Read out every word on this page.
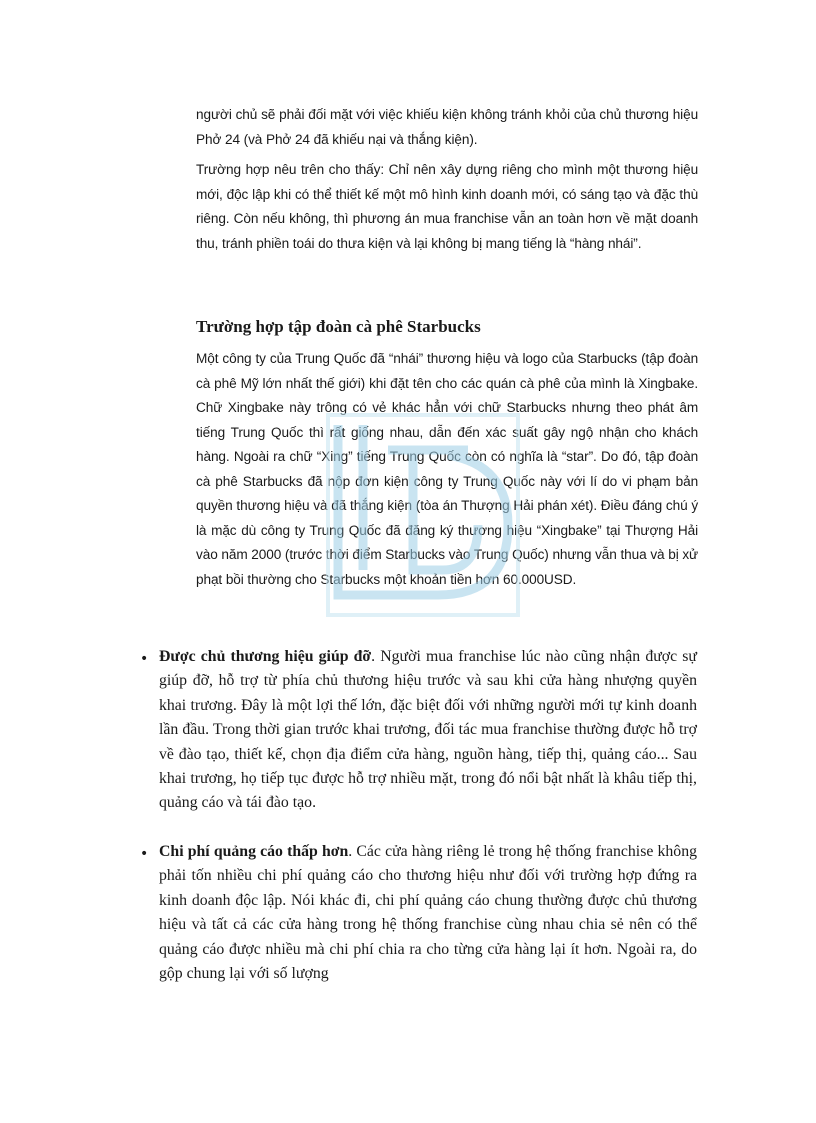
người chủ sẽ phải đối mặt với việc khiếu kiện không tránh khỏi của chủ thương hiệu Phở 24 (và Phở 24 đã khiếu nại và thắng kiện).

Trường hợp nêu trên cho thấy: Chỉ nên xây dựng riêng cho mình một thương hiệu mới, độc lập khi có thể thiết kế một mô hình kinh doanh mới, có sáng tạo và đặc thù riêng. Còn nếu không, thì phương án mua franchise vẫn an toàn hơn về mặt doanh thu, tránh phiền toái do thưa kiện và lại không bị mang tiếng là “hàng nhái”.

Trường hợp tập đoàn cà phê Starbucks

Một công ty của Trung Quốc đã “nhái” thương hiệu và logo của Starbucks (tập đoàn cà phê Mỹ lớn nhất thế giới) khi đặt tên cho các quán cà phê của mình là Xingbake. Chữ Xingbake này trông có vẻ khác hẳn với chữ Starbucks nhưng theo phát âm tiếng Trung Quốc thì rất giống nhau, dẫn đến xác suất gây ngộ nhận cho khách hàng. Ngoài ra chữ “Xing” tiếng Trung Quốc còn có nghĩa là “star”. Do đó, tập đoàn cà phê Starbucks đã nộp đơn kiện công ty Trung Quốc này với lí do vi phạm bản quyền thương hiệu và đã thắng kiện (tòa án Thượng Hải phán xét). Điều đáng chú ý là mặc dù công ty Trung Quốc đã đăng ký thương hiệu “Xingbake” tại Thượng Hải vào năm 2000 (trước thời điểm Starbucks vào Trung Quốc) nhưng vẫn thua và bị xử phạt bồi thường cho Starbucks một khoản tiền hơn 60.000USD.

• Được chủ thương hiệu giúp đỡ. Người mua franchise lúc nào cũng nhận được sự giúp đỡ, hỗ trợ từ phía chủ thương hiệu trước và sau khi cửa hàng nhượng quyền khai trương. Đây là một lợi thế lớn, đặc biệt đối với những người mới tự kinh doanh lần đầu. Trong thời gian trước khai trương, đối tác mua franchise thường được hỗ trợ về đào tạo, thiết kế, chọn địa điểm cửa hàng, nguồn hàng, tiếp thị, quảng cáo... Sau khai trương, họ tiếp tục được hỗ trợ nhiều mặt, trong đó nổi bật nhất là khâu tiếp thị, quảng cáo và tái đào tạo.

• Chi phí quảng cáo thấp hơn. Các cửa hàng riêng lẻ trong hệ thống franchise không phải tốn nhiều chi phí quảng cáo cho thương hiệu như đối với trường hợp đứng ra kinh doanh độc lập. Nói khác đi, chi phí quảng cáo chung thường được chủ thương hiệu và tất cả các cửa hàng trong hệ thống franchise cùng nhau chia sẻ nên có thể quảng cáo được nhiều mà chi phí chia ra cho từng cửa hàng lại ít hơn. Ngoài ra, do gộp chung lại với số lượng
